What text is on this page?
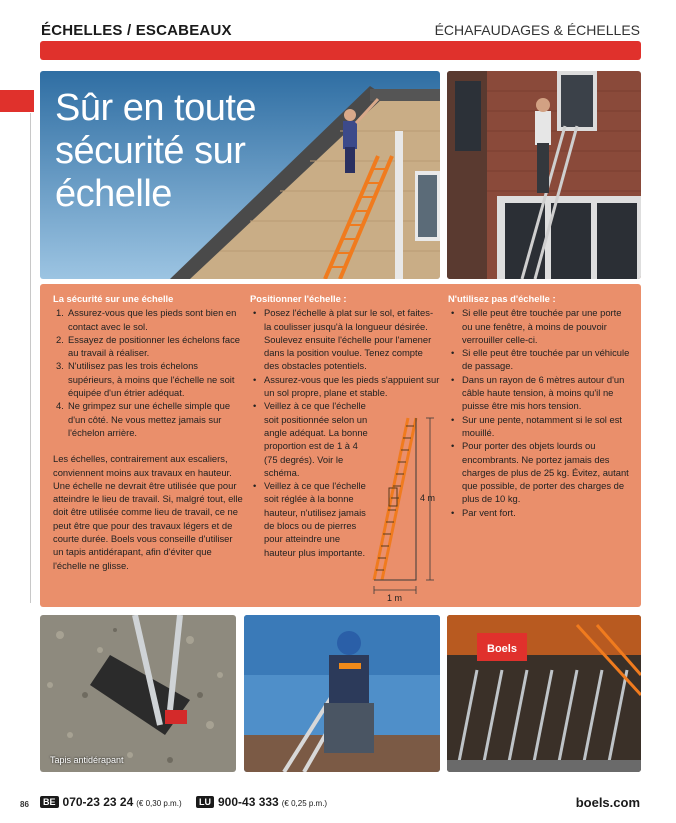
ÉCHELLES / ESCABEAUX	ÉCHAFAUDAGES & ÉCHELLES
Sûr en toute
sécurité sur
échelle
La sécurité sur une échelle
1. Assurez-vous que les pieds sont bien en contact avec le sol.
2. Essayez de positionner les échelons face au travail à réaliser.
3. N'utilisez pas les trois échelons supérieurs, à moins que l'échelle ne soit équipée d'un étrier adéquat.
4. Ne grimpez sur une échelle simple que d'un côté. Ne vous mettez jamais sur l'échelon arrière.

Les échelles, contrairement aux escaliers, conviennent moins aux travaux en hauteur. Une échelle ne devrait être utilisée que pour atteindre le lieu de travail. Si, malgré tout, elle doit être utilisée comme lieu de travail, ce ne peut être que pour des travaux légers et de courte durée. Boels vous conseille d'utiliser un tapis antidérapant, afin d'éviter que l'échelle ne glisse.

Positionner l'échelle :
• Posez l'échelle à plat sur le sol, et faites-la coulisser jusqu'à la longueur désirée. Soulevez ensuite l'échelle pour l'amener dans la position voulue. Tenez compte des obstacles potentiels.
• Assurez-vous que les pieds s'appuient sur un sol propre, plane et stable.
• Veillez à ce que l'échelle soit positionnée selon un angle adéquat. La bonne proportion est de 1 à 4 (75 degrés). Voir le schéma.
• Veillez à ce que l'échelle soit réglée à la bonne hauteur, n'utilisez jamais de blocs ou de pierres pour atteindre une hauteur plus importante.
N'utilisez pas d'échelle :
• Si elle peut être touchée par une porte ou une fenêtre, à moins de pouvoir verrouiller celle-ci.
• Si elle peut être touchée par un véhicule de passage.
• Dans un rayon de 6 mètres autour d'un câble haute tension, à moins qu'il ne puisse être mis hors tension.
• Sur une pente, notamment si le sol est mouillé.
• Pour porter des objets lourds ou encombrants. Ne portez jamais des charges de plus de 25 kg. Évitez, autant que possible, de porter des charges de plus de 10 kg.
• Par vent fort.
4 m
1 m
Tapis antidérapant
Boels
86	BE 070-23 23 24 (€ 0,30 p.m.)	LU 900-43 333 (€ 0,25 p.m.)	boels.com
